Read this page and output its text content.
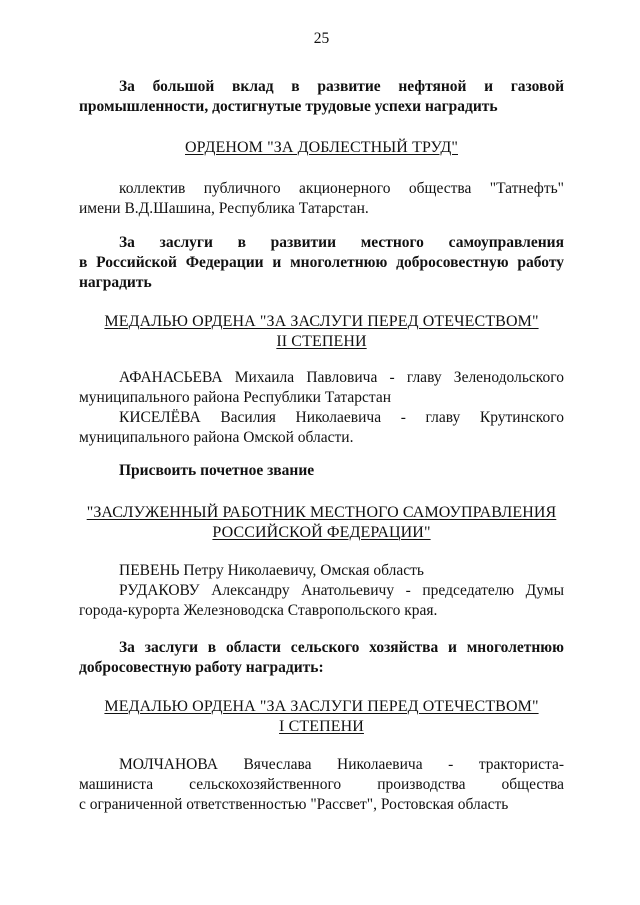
25
За большой вклад в развитие нефтяной и газовой
промышленности, достигнутые трудовые успехи наградить
ОРДЕНОМ "ЗА ДОБЛЕСТНЫЙ ТРУД"
коллектив публичного акционерного общества "Татнефть"
имени В.Д.Шашина, Республика Татарстан.
За заслуги в развитии местного самоуправления
в Российской Федерации и многолетнюю добросовестную работу
наградить
МЕДАЛЬЮ ОРДЕНА "ЗА ЗАСЛУГИ ПЕРЕД ОТЕЧЕСТВОМ"
II СТЕПЕНИ
АФАНАСЬЕВА Михаила Павловича - главу Зеленодольского
муниципального района Республики Татарстан
КИСЕЛЁВА Василия Николаевича - главу Крутинского
муниципального района Омской области.
Присвоить почетное звание
"ЗАСЛУЖЕННЫЙ РАБОТНИК МЕСТНОГО САМОУПРАВЛЕНИЯ
РОССИЙСКОЙ ФЕДЕРАЦИИ"
ПЕВЕНЬ Петру Николаевичу, Омская область
РУДАКОВУ Александру Анатольевичу - председателю Думы
города-курорта Железноводска Ставропольского края.
За заслуги в области сельского хозяйства и многолетнюю
добросовестную работу наградить:
МЕДАЛЬЮ ОРДЕНА "ЗА ЗАСЛУГИ ПЕРЕД ОТЕЧЕСТВОМ"
I СТЕПЕНИ
МОЛЧАНОВА Вячеслава Николаевича - тракториста-
машиниста сельскохозяйственного производства общества
с ограниченной ответственностью "Рассвет", Ростовская область
